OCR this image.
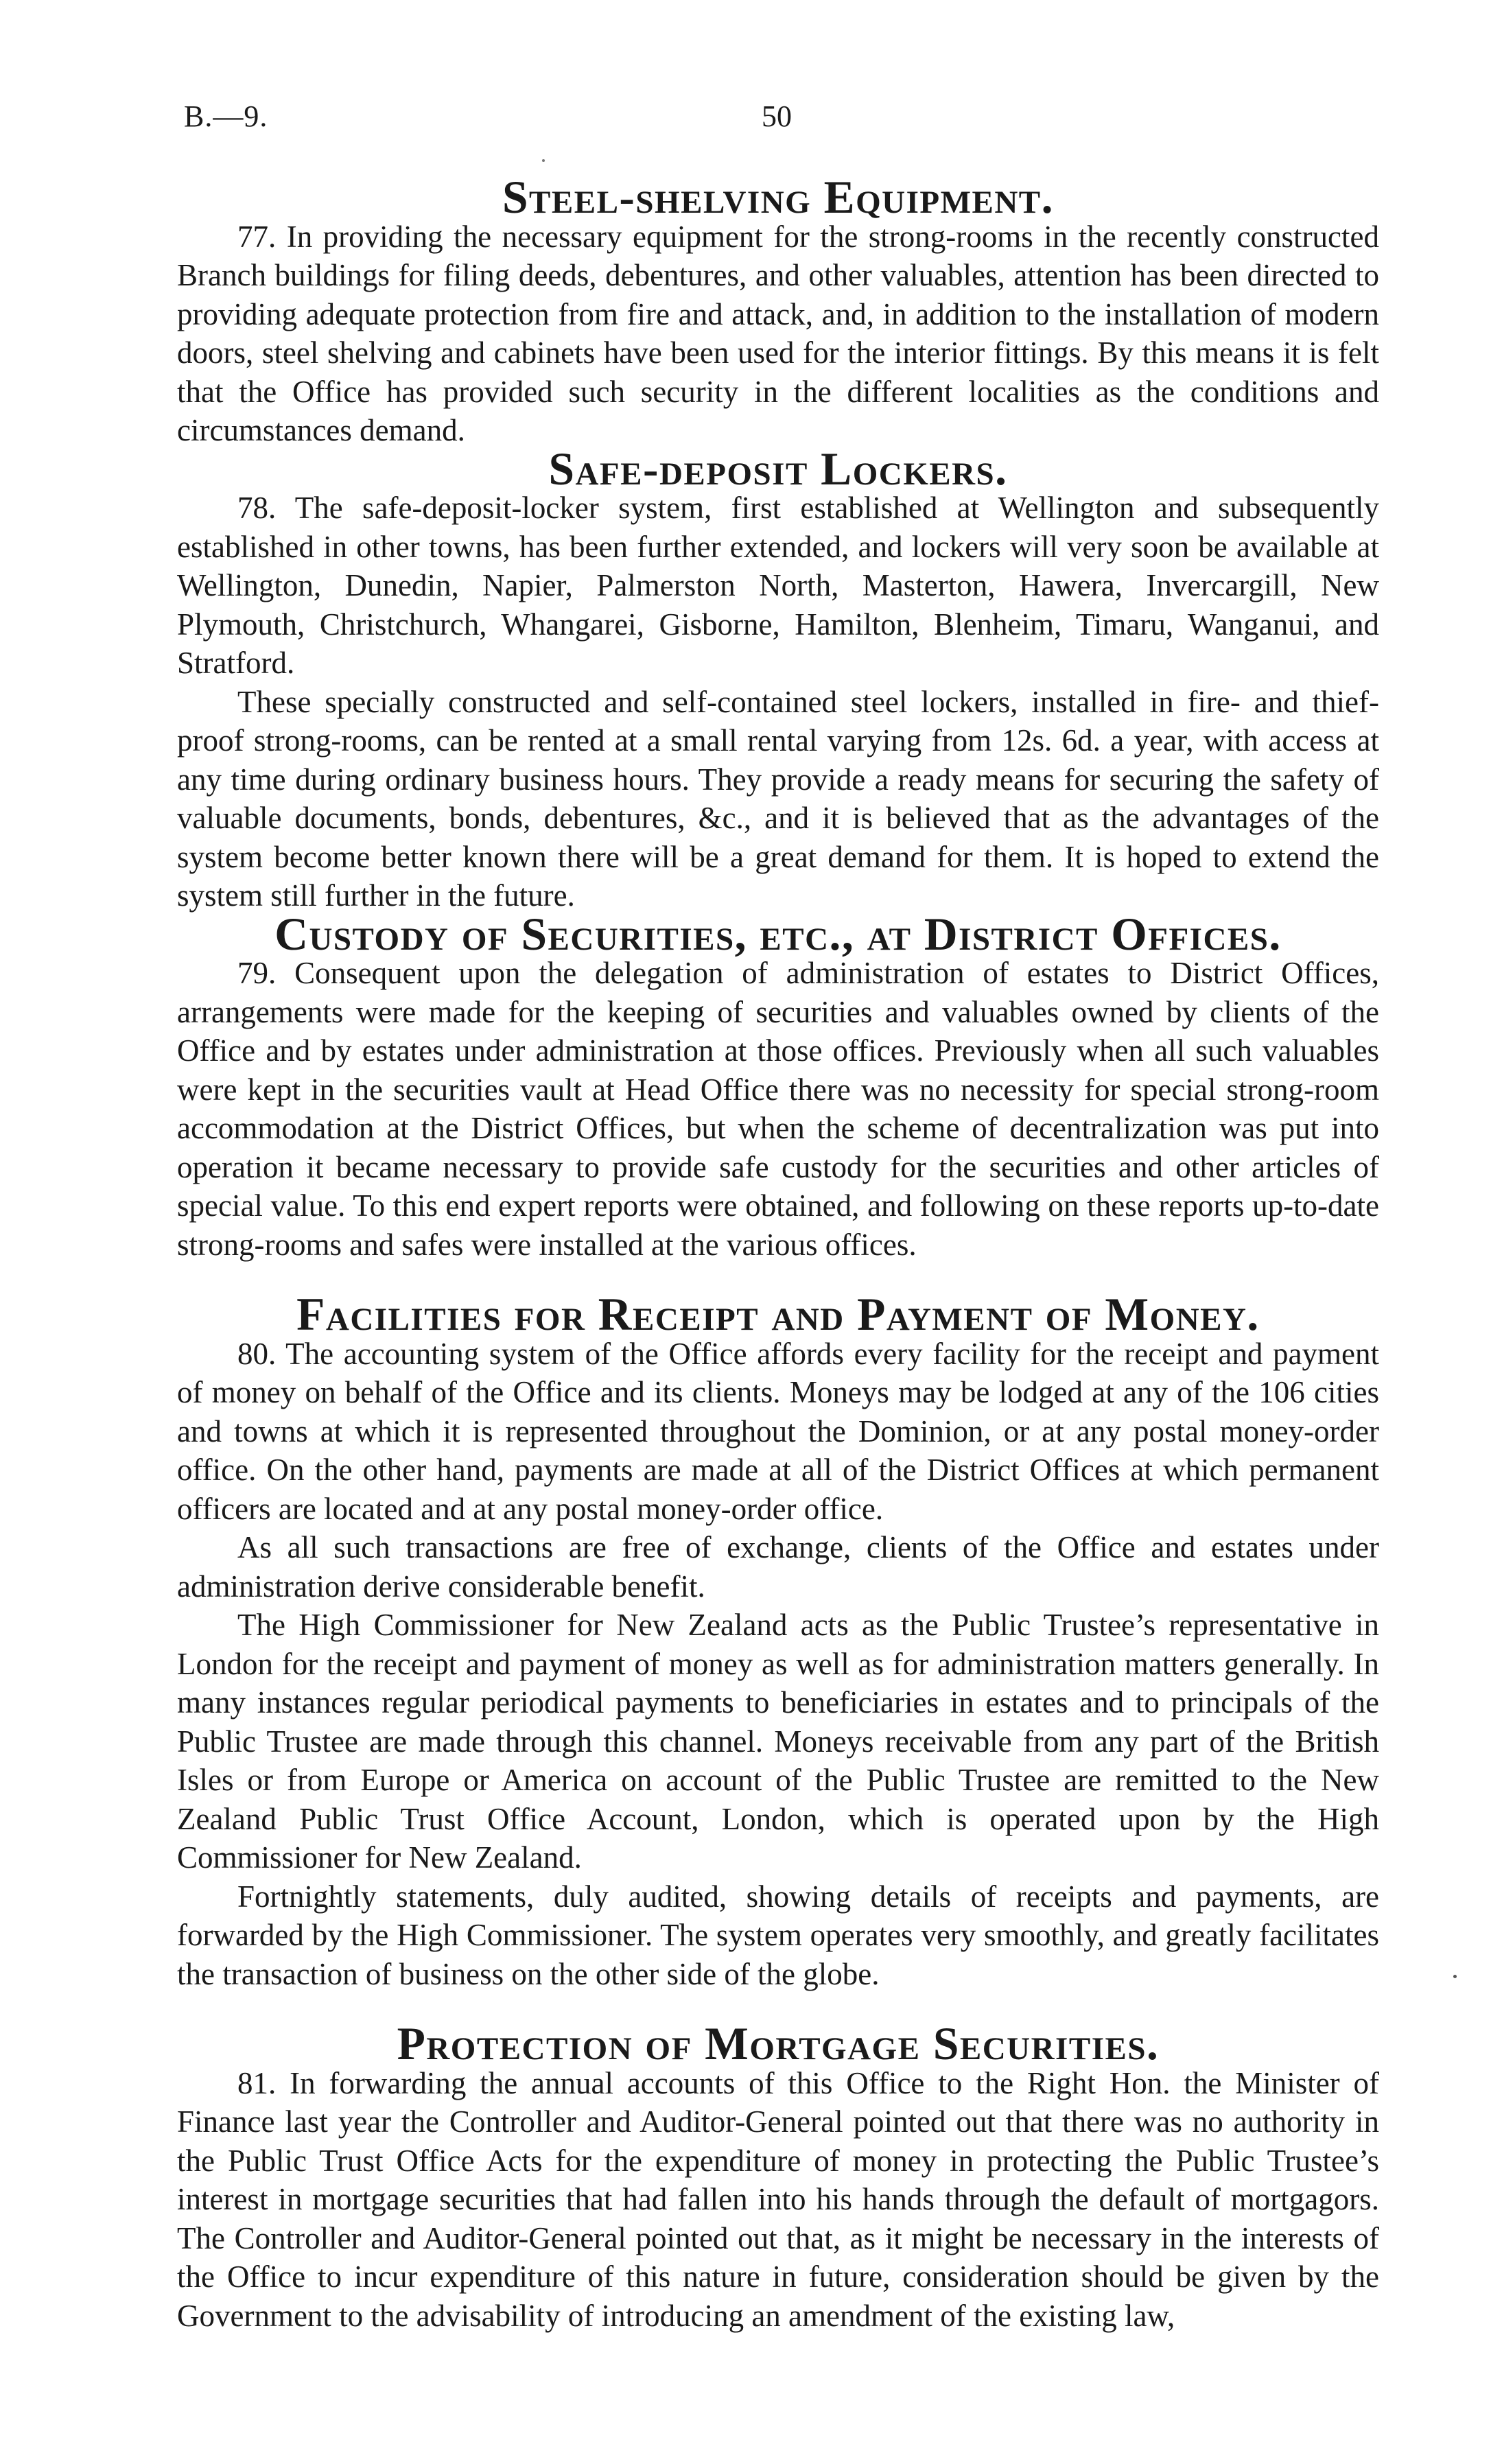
B.—9.	50
Steel-shelving Equipment.

77. In providing the necessary equipment for the strong-rooms in the recently constructed Branch buildings for filing deeds, debentures, and other valuables, attention has been directed to providing adequate protection from fire and attack, and, in addition to the installation of modern doors, steel shelving and cabinets have been used for the interior fittings. By this means it is felt that the Office has provided such security in the different localities as the conditions and circumstances demand.

Safe-deposit Lockers.

78. The safe-deposit-locker system, first established at Wellington and subsequently established in other towns, has been further extended, and lockers will very soon be available at Wellington, Dunedin, Napier, Palmerston North, Masterton, Hawera, Invercargill, New Plymouth, Christchurch, Whangarei, Gisborne, Hamilton, Blenheim, Timaru, Wanganui, and Stratford.

These specially constructed and self-contained steel lockers, installed in fire- and thief-proof strong-rooms, can be rented at a small rental varying from 12s. 6d. a year, with access at any time during ordinary business hours. They provide a ready means for securing the safety of valuable documents, bonds, debentures, &c., and it is believed that as the advantages of the system become better known there will be a great demand for them. It is hoped to extend the system still further in the future.

Custody of Securities, etc., at District Offices.

79. Consequent upon the delegation of administration of estates to District Offices, arrangements were made for the keeping of securities and valuables owned by clients of the Office and by estates under administration at those offices. Previously when all such valuables were kept in the securities vault at Head Office there was no necessity for special strong-room accommodation at the District Offices, but when the scheme of decentralization was put into operation it became necessary to provide safe custody for the securities and other articles of special value. To this end expert reports were obtained, and following on these reports up-to-date strong-rooms and safes were installed at the various offices.

Facilities for Receipt and Payment of Money.

80. The accounting system of the Office affords every facility for the receipt and payment of money on behalf of the Office and its clients. Moneys may be lodged at any of the 106 cities and towns at which it is represented throughout the Dominion, or at any postal money-order office. On the other hand, payments are made at all of the District Offices at which permanent officers are located and at any postal money-order office.

As all such transactions are free of exchange, clients of the Office and estates under administration derive considerable benefit.

The High Commissioner for New Zealand acts as the Public Trustee’s representative in London for the receipt and payment of money as well as for administration matters generally. In many instances regular periodical payments to beneficiaries in estates and to principals of the Public Trustee are made through this channel. Moneys receivable from any part of the British Isles or from Europe or America on account of the Public Trustee are remitted to the New Zealand Public Trust Office Account, London, which is operated upon by the High Commissioner for New Zealand.

Fortnightly statements, duly audited, showing details of receipts and payments, are forwarded by the High Commissioner. The system operates very smoothly, and greatly facilitates the transaction of business on the other side of the globe.

Protection of Mortgage Securities.

81. In forwarding the annual accounts of this Office to the Right Hon. the Minister of Finance last year the Controller and Auditor-General pointed out that there was no authority in the Public Trust Office Acts for the expenditure of money in protecting the Public Trustee’s interest in mortgage securities that had fallen into his hands through the default of mortgagors. The Controller and Auditor-General pointed out that, as it might be necessary in the interests of the Office to incur expenditure of this nature in future, consideration should be given by the Government to the advisability of introducing an amendment of the existing law,
